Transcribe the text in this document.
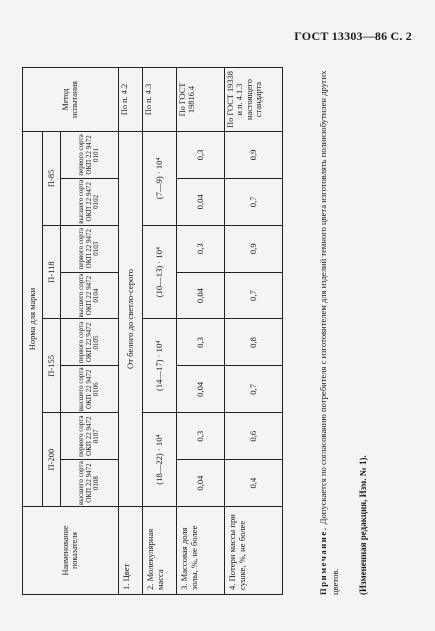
ГОСТ 13303—86 С. 2
Наименование показателя	Норма для марки								Метод испытания
	П-200		П-155		П-118		П-85		
	высшего сорта ОКП 22 9472 0108	первого сорта ОКП 22 9472 0107	высшего сорта ОКП 22 9472 0106	первого сорта ОКП 22 9472 0105	высшего сорта ОКП 22 9472 0104	первого сорта ОКП 22 9472 0103	высшего сорта ОКП 22 9472 0102	первого сорта ОКП 22 9472 0101	
1. Цвет	От белого до светло-серого								По п. 4.2
2. Молекулярная масса	(18—22) · 10⁴		(14—17) · 10⁴		(10—13) · 10⁴		(7—9) · 10⁴		По п. 4.3
3. Массовая доля золы, %, не более	0,04	0,3	0,04	0,3	0,04	0,3	0,04	0,3	По ГОСТ 19816.4
4. Потери массы при сушке, %, не более	0,4	0,6	0,7	0,8	0,7	0,9	0,7	0,9	По ГОСТ 19338 и п. 4.1.3 настоящего стандарта
Примечание. Допускается по согласованию потребителя с изготовителем для изделий темного цвета изготовлять полиизобутилен других цветов. (Измененная редакция, Изм. № 1).
